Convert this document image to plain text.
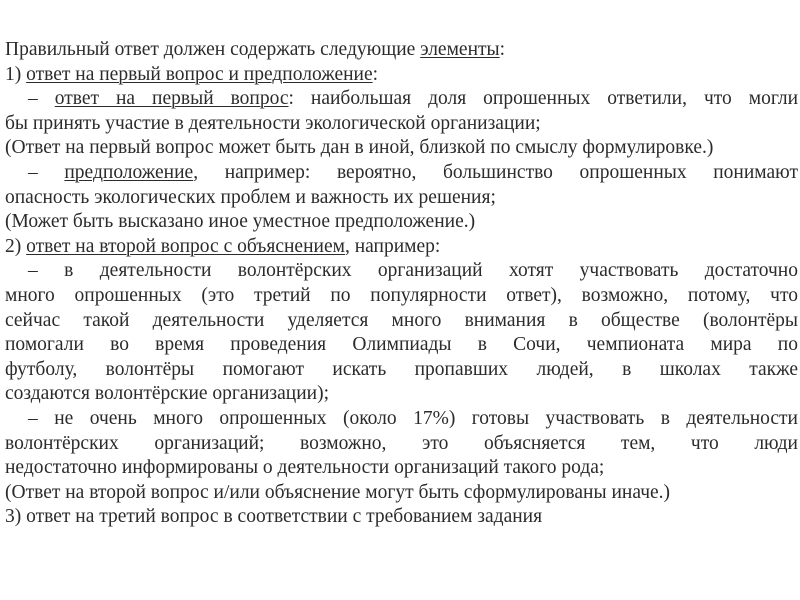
Правильный ответ должен содержать следующие элементы:
1) ответ на первый вопрос и предположение:
– ответ на первый вопрос: наибольшая доля опрошенных ответили, что могли
бы принять участие в деятельности экологической организации;
(Ответ на первый вопрос может быть дан в иной, близкой по смыслу формулировке.)
– предположение, например: вероятно, большинство опрошенных понимают
опасность экологических проблем и важность их решения;
(Может быть высказано иное уместное предположение.)
2) ответ на второй вопрос с объяснением, например:
– в деятельности волонтёрских организаций хотят участвовать достаточно
много опрошенных (это третий по популярности ответ), возможно, потому, что
сейчас такой деятельности уделяется много внимания в обществе (волонтёры
помогали во время проведения Олимпиады в Сочи, чемпионата мира по
футболу, волонтёры помогают искать пропавших людей, в школах также
создаются волонтёрские организации);
– не очень много опрошенных (около 17%) готовы участвовать в деятельности
волонтёрских организаций; возможно, это объясняется тем, что люди
недостаточно информированы о деятельности организаций такого рода;
(Ответ на второй вопрос и/или объяснение могут быть сформулированы иначе.)
3) ответ на третий вопрос в соответствии с требованием задания
